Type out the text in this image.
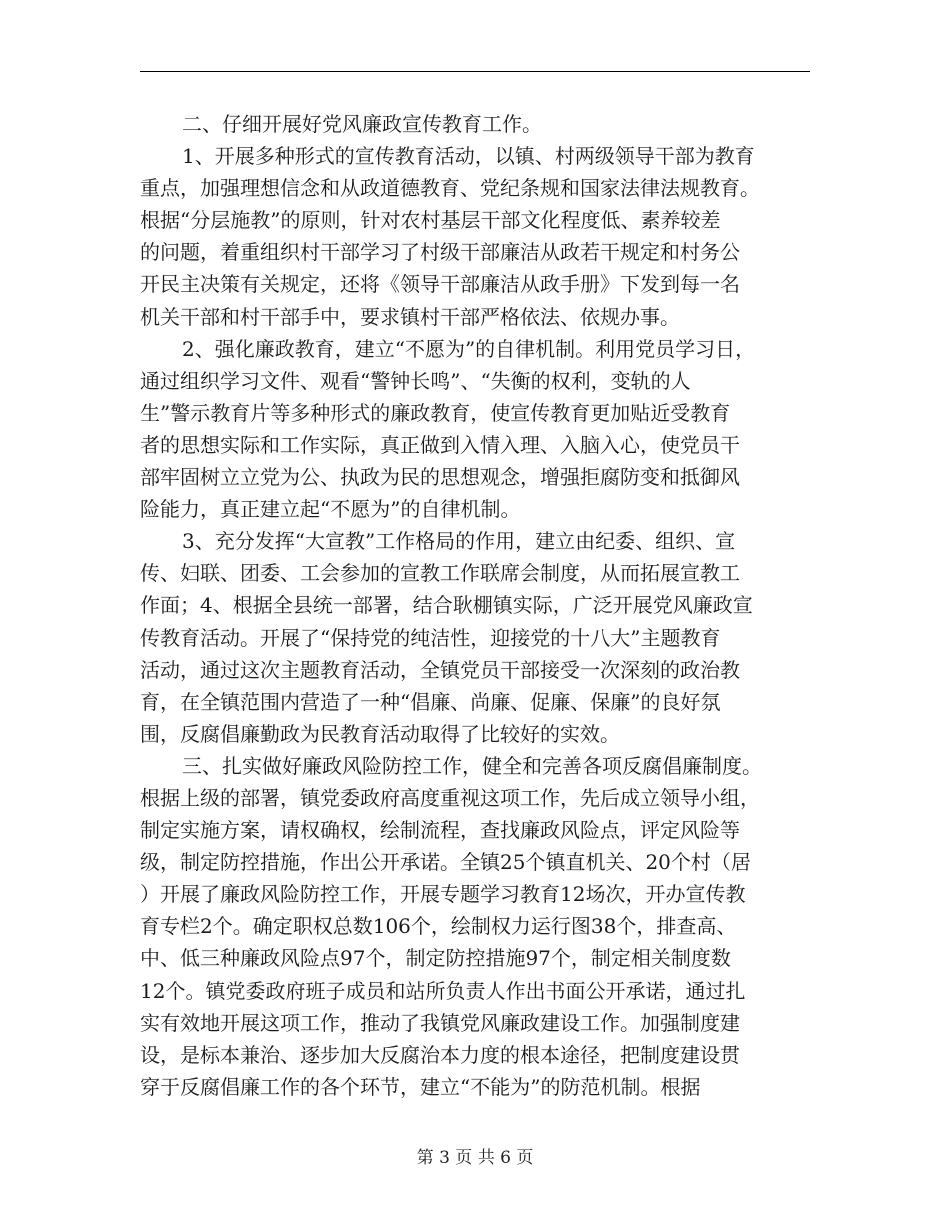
二、仔细开展好党风廉政宣传教育工作。
1、开展多种形式的宣传教育活动，以镇、村两级领导干部为教育
重点，加强理想信念和从政道德教育、党纪条规和国家法律法规教育。
根据“分层施教”的原则，针对农村基层干部文化程度低、素养较差
的问题，着重组织村干部学习了村级干部廉洁从政若干规定和村务公
开民主决策有关规定，还将《领导干部廉洁从政手册》下发到每一名
机关干部和村干部手中，要求镇村干部严格依法、依规办事。
2、强化廉政教育，建立“不愿为”的自律机制。利用党员学习日，
通过组织学习文件、观看“警钟长鸣”、“失衡的权利，变轨的人
生”警示教育片等多种形式的廉政教育，使宣传教育更加贴近受教育
者的思想实际和工作实际，真正做到入情入理、入脑入心，使党员干
部牢固树立立党为公、执政为民的思想观念，增强拒腐防变和抵御风
险能力，真正建立起“不愿为”的自律机制。
3、充分发挥“大宣教”工作格局的作用，建立由纪委、组织、宣
传、妇联、团委、工会参加的宣教工作联席会制度，从而拓展宣教工
作面；4、根据全县统一部署，结合耿棚镇实际，广泛开展党风廉政宣
传教育活动。开展了“保持党的纯洁性，迎接党的十八大”主题教育
活动，通过这次主题教育活动，全镇党员干部接受一次深刻的政治教
育，在全镇范围内营造了一种“倡廉、尚廉、促廉、保廉”的良好氛
围，反腐倡廉勤政为民教育活动取得了比较好的实效。
三、扎实做好廉政风险防控工作，健全和完善各项反腐倡廉制度。
根据上级的部署，镇党委政府高度重视这项工作，先后成立领导小组，
制定实施方案，请权确权，绘制流程，查找廉政风险点，评定风险等
级，制定防控措施，作出公开承诺。全镇25个镇直机关、20个村（居
）开展了廉政风险防控工作，开展专题学习教育12场次，开办宣传教
育专栏2个。确定职权总数106个，绘制权力运行图38个，排查高、
中、低三种廉政风险点97个，制定防控措施97个，制定相关制度数
12个。镇党委政府班子成员和站所负责人作出书面公开承诺，通过扎
实有效地开展这项工作，推动了我镇党风廉政建设工作。加强制度建
设，是标本兼治、逐步加大反腐治本力度的根本途径，把制度建设贯
穿于反腐倡廉工作的各个环节，建立“不能为”的防范机制。根据
第 3 页 共 6 页
